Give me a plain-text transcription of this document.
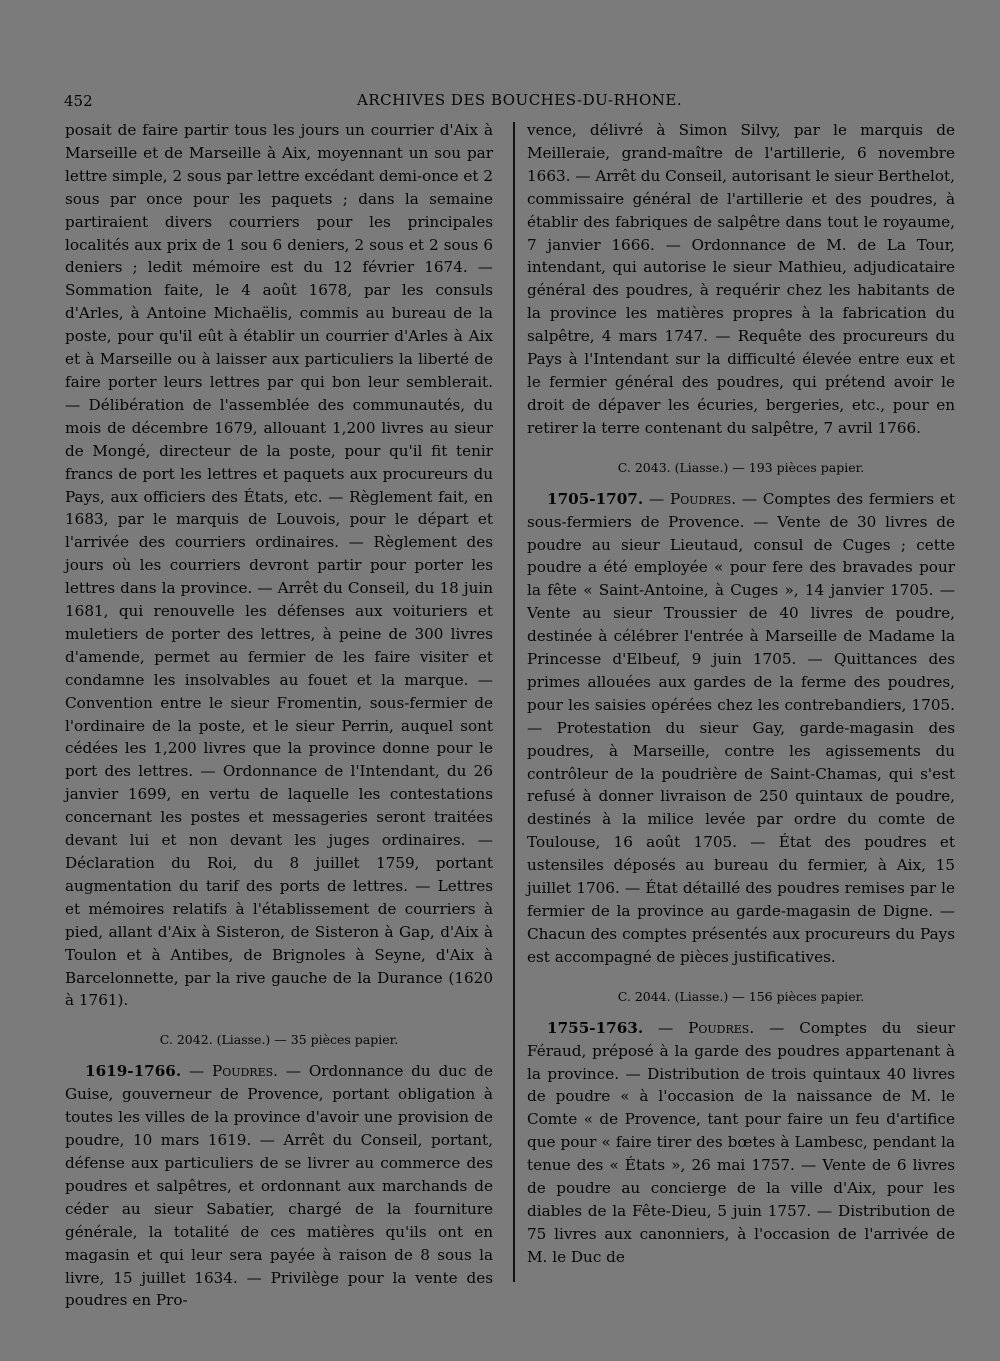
452	ARCHIVES DES BOUCHES-DU-RHONE.

posait de faire partir tous les jours un courrier d'Aix à Marseille et de Marseille à Aix, moyennant un sou par lettre simple, 2 sous par lettre excédant demi-once et 2 sous par once pour les paquets ; dans la semaine partiraient divers courriers pour les principales localités aux prix de 1 sou 6 deniers, 2 sous et 2 sous 6 deniers ; ledit mémoire est du 12 février 1674. — Sommation faite, le 4 août 1678, par les consuls d'Arles, à Antoine Michaëlis, commis au bureau de la poste, pour qu'il eût à établir un courrier d'Arles à Aix et à Marseille ou à laisser aux particuliers la liberté de faire porter leurs lettres par qui bon leur semblerait. — Délibération de l'assemblée des communautés, du mois de décembre 1679, allouant 1,200 livres au sieur de Mongé, directeur de la poste, pour qu'il fit tenir francs de port les lettres et paquets aux procureurs du Pays, aux officiers des États, etc. — Règlement fait, en 1683, par le marquis de Louvois, pour le départ et l'arrivée des courriers ordinaires. — Règlement des jours où les courriers devront partir pour porter les lettres dans la province. — Arrêt du Conseil, du 18 juin 1681, qui renouvelle les défenses aux voituriers et muletiers de porter des lettres, à peine de 300 livres d'amende, permet au fermier de les faire visiter et condamne les insolvables au fouet et la marque. — Convention entre le sieur Fromentin, sous-fermier de l'ordinaire de la poste, et le sieur Perrin, auquel sont cédées les 1,200 livres que la province donne pour le port des lettres. — Ordonnance de l'Intendant, du 26 janvier 1699, en vertu de laquelle les contestations concernant les postes et messageries seront traitées devant lui et non devant les juges ordinaires. — Déclaration du Roi, du 8 juillet 1759, portant augmentation du tarif des ports de lettres. — Lettres et mémoires relatifs à l'établissement de courriers à pied, allant d'Aix à Sisteron, de Sisteron à Gap, d'Aix à Toulon et à Antibes, de Brignoles à Seyne, d'Aix à Barcelonnette, par la rive gauche de la Durance (1620 à 1761).

C. 2042. (Liasse.) — 35 pièces papier.

1619-1766. — Poudres. — Ordonnance du duc de Guise, gouverneur de Provence, portant obligation à toutes les villes de la province d'avoir une provision de poudre, 10 mars 1619. — Arrêt du Conseil, portant, défense aux particuliers de se livrer au commerce des poudres et salpêtres, et ordonnant aux marchands de céder au sieur Sabatier, chargé de la fourniture générale, la totalité de ces matières qu'ils ont en magasin et qui leur sera payée à raison de 8 sous la livre, 15 juillet 1634. — Privilège pour la vente des poudres en Pro-

vence, délivré à Simon Silvy, par le marquis de Meilleraie, grand-maître de l'artillerie, 6 novembre 1663. — Arrêt du Conseil, autorisant le sieur Berthelot, commissaire général de l'artillerie et des poudres, à établir des fabriques de salpêtre dans tout le royaume, 7 janvier 1666. — Ordonnance de M. de La Tour, intendant, qui autorise le sieur Mathieu, adjudicataire général des poudres, à requérir chez les habitants de la province les matières propres à la fabrication du salpêtre, 4 mars 1747. — Requête des procureurs du Pays à l'Intendant sur la difficulté élevée entre eux et le fermier général des poudres, qui prétend avoir le droit de dépaver les écuries, bergeries, etc., pour en retirer la terre contenant du salpêtre, 7 avril 1766.

C. 2043. (Liasse.) — 193 pièces papier.

1705-1707. — Poudres. — Comptes des fermiers et sous-fermiers de Provence. — Vente de 30 livres de poudre au sieur Lieutaud, consul de Cuges ; cette poudre a été employée « pour fere des bravades pour la fête « Saint-Antoine, à Cuges », 14 janvier 1705. — Vente au sieur Troussier de 40 livres de poudre, destinée à célébrer l'entrée à Marseille de Madame la Princesse d'Elbeuf, 9 juin 1705. — Quittances des primes allouées aux gardes de la ferme des poudres, pour les saisies opérées chez les contrebandiers, 1705. — Protestation du sieur Gay, garde-magasin des poudres, à Marseille, contre les agissements du contrôleur de la poudrière de Saint-Chamas, qui s'est refusé à donner livraison de 250 quintaux de poudre, destinés à la milice levée par ordre du comte de Toulouse, 16 août 1705. — État des poudres et ustensiles déposés au bureau du fermier, à Aix, 15 juillet 1706. — État détaillé des poudres remises par le fermier de la province au garde-magasin de Digne. — Chacun des comptes présentés aux procureurs du Pays est accompagné de pièces justificatives.

C. 2044. (Liasse.) — 156 pièces papier.

1755-1763. — Poudres. — Comptes du sieur Féraud, préposé à la garde des poudres appartenant à la province. — Distribution de trois quintaux 40 livres de poudre « à l'occasion de la naissance de M. le Comte « de Provence, tant pour faire un feu d'artifice que pour « faire tirer des bœtes à Lambesc, pendant la tenue des « États », 26 mai 1757. — Vente de 6 livres de poudre au concierge de la ville d'Aix, pour les diables de la Fête-Dieu, 5 juin 1757. — Distribution de 75 livres aux canonniers, à l'occasion de l'arrivée de M. le Duc de
